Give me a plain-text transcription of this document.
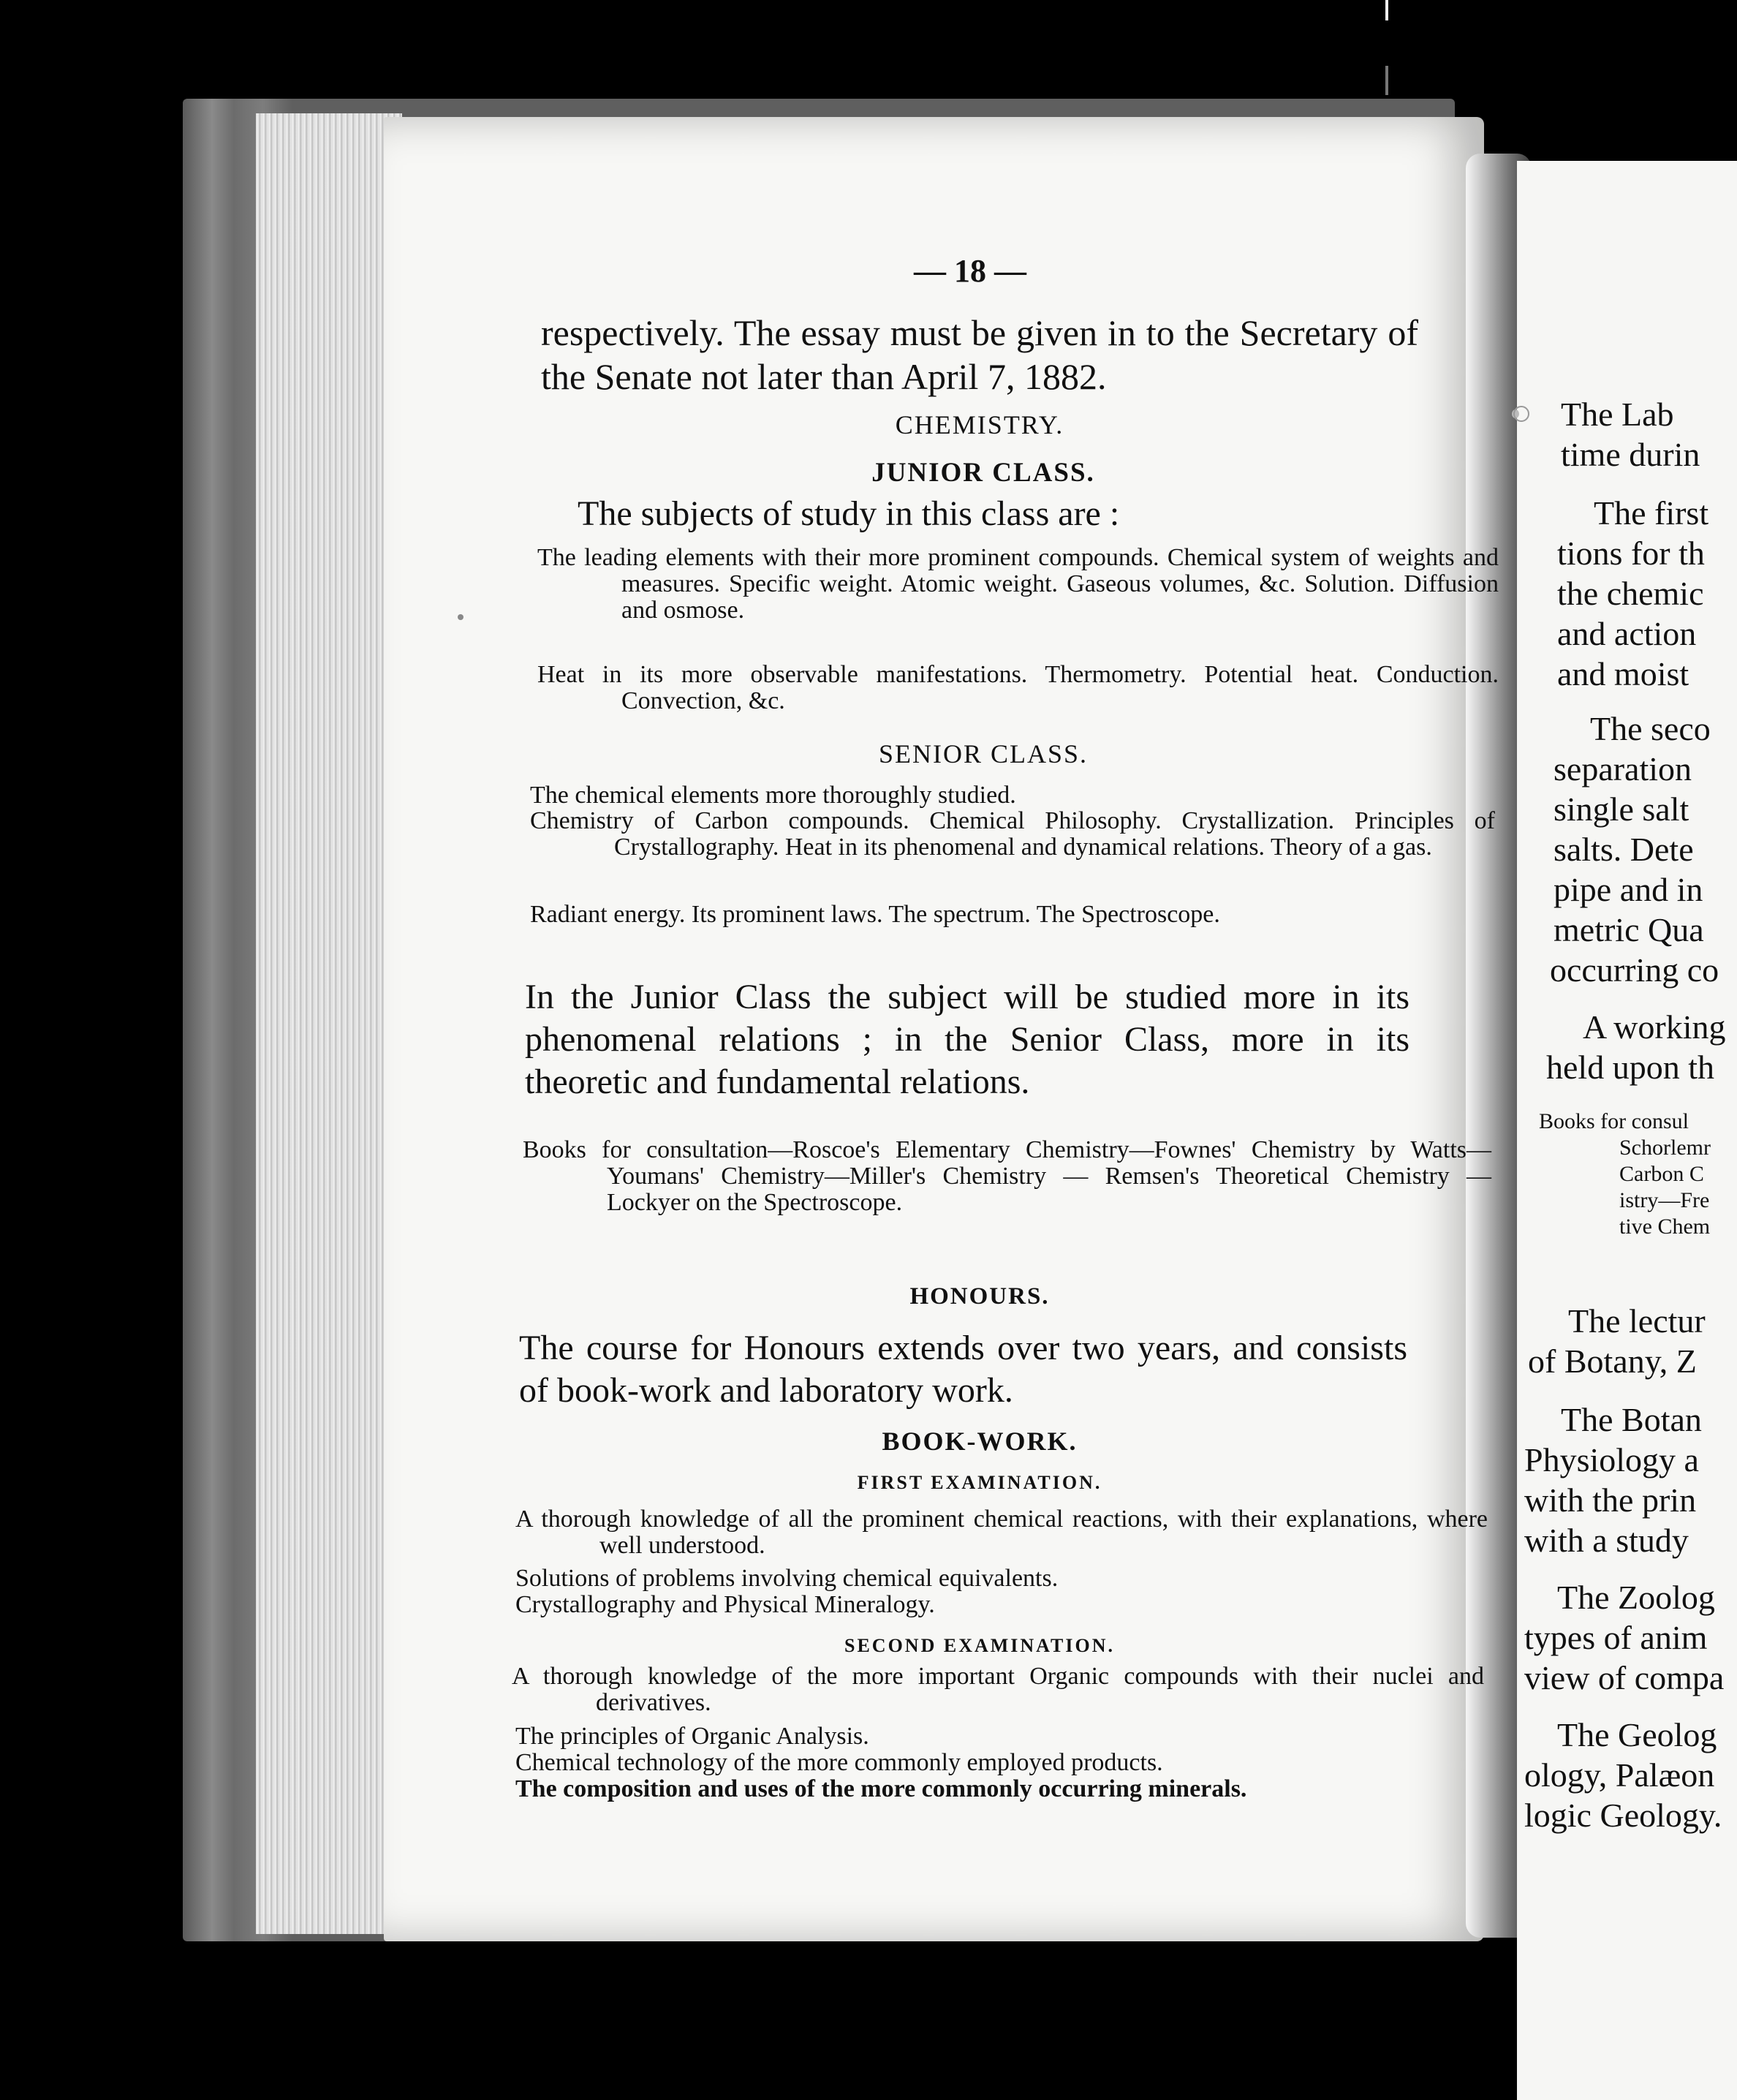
— 18 —
respectively. The essay must be given in to the Secretary of the Senate not later than April 7, 1882.
CHEMISTRY.
JUNIOR CLASS.
The subjects of study in this class are :
The leading elements with their more prominent compounds. Chemical system of weights and measures. Specific weight. Atomic weight. Gaseous volumes, &c. Solution. Diffusion and osmose.
Heat in its more observable manifestations. Thermometry. Potential heat. Conduction. Convection, &c.
SENIOR CLASS.
The chemical elements more thoroughly studied.
Chemistry of Carbon compounds. Chemical Philosophy. Crystallization. Principles of Crystallography. Heat in its phenomenal and dynamical relations. Theory of a gas.
Radiant energy. Its prominent laws. The spectrum. The Spectroscope.
In the Junior Class the subject will be studied more in its phenomenal relations ; in the Senior Class, more in its theoretic and fundamental relations.
Books for consultation—Roscoe's Elementary Chemistry—Fownes' Chemistry by Watts—Youmans' Chemistry—Miller's Chemistry — Remsen's Theoretical Chemistry — Lockyer on the Spectroscope.
HONOURS.
The course for Honours extends over two years, and consists of book-work and laboratory work.
BOOK-WORK.
FIRST EXAMINATION.
A thorough knowledge of all the prominent chemical reactions, with their explanations, where well understood.
Solutions of problems involving chemical equivalents.
Crystallography and Physical Mineralogy.
SECOND EXAMINATION.
A thorough knowledge of the more important Organic compounds with their nuclei and derivatives.
The principles of Organic Analysis.
Chemical technology of the more commonly employed products.
The composition and uses of the more commonly occurring minerals.
The Lab
time durin
The first
tions for th
the chemic
and action
and moist
The seco
separation
single salt
salts. Dete
pipe and in
metric Qua
occurring co
A working
held upon th
Books for consul
Schorlemr
Carbon C
istry—Fre
tive Chem
The lectur
of Botany, Z
The Botan
Physiology a
with the prin
with a study
The Zoolog
types of anim
view of compa
The Geolog
ology, Palæon
logic Geology.
